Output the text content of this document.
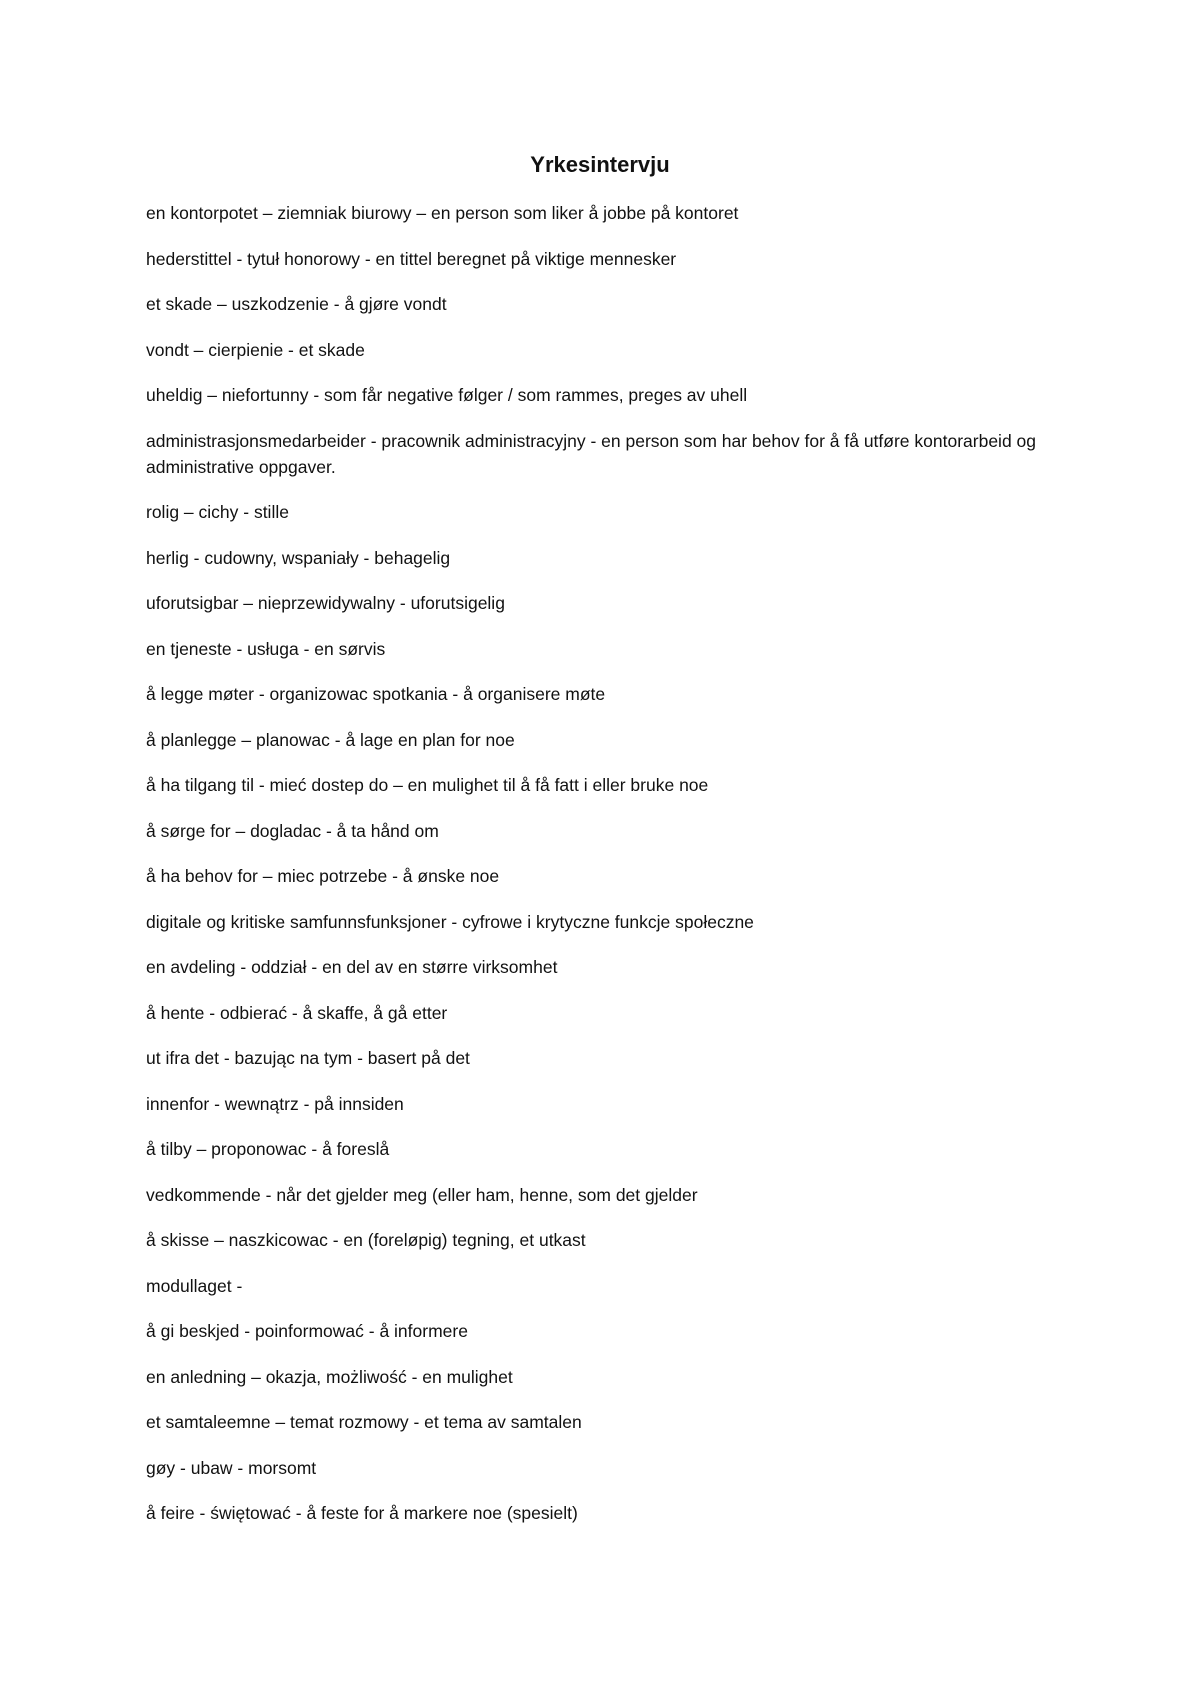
Yrkesintervju
en kontorpotet – ziemniak biurowy – en person som liker å jobbe på kontoret
hederstittel - tytuł honorowy - en tittel beregnet på viktige mennesker
et skade – uszkodzenie - å gjøre vondt
vondt – cierpienie - et skade
uheldig – niefortunny - som får negative følger / som rammes, preges av uhell
administrasjonsmedarbeider - pracownik administracyjny - en person som har behov for å få utføre kontorarbeid og administrative oppgaver.
rolig – cichy - stille
herlig - cudowny, wspaniały - behagelig
uforutsigbar – nieprzewidywalny - uforutsigelig
en tjeneste - usługa - en sørvis
å legge møter - organizowac spotkania - å organisere møte
å planlegge – planowac - å lage en plan for noe
å ha tilgang til - mieć dostep do – en mulighet til å få fatt i eller bruke noe
å sørge for – dogladac - å ta hånd om
å ha behov for – miec potrzebe - å ønske noe
digitale og kritiske samfunnsfunksjoner - cyfrowe i krytyczne funkcje społeczne
en avdeling - oddział - en del av en større virksomhet
å hente - odbierać - å skaffe, å gå etter
ut ifra det - bazując na tym - basert på det
innenfor - wewnątrz - på innsiden
å tilby – proponowac - å foreslå
vedkommende - når det gjelder meg (eller ham, henne, som det gjelder
å skisse – naszkicowac - en (foreløpig) tegning, et utkast
modullaget -
å gi beskjed - poinformować - å informere
en anledning – okazja, możliwość - en mulighet
et samtaleemne – temat rozmowy - et tema av samtalen
gøy - ubaw - morsomt
å feire - świętować - å feste for å markere noe (spesielt)
